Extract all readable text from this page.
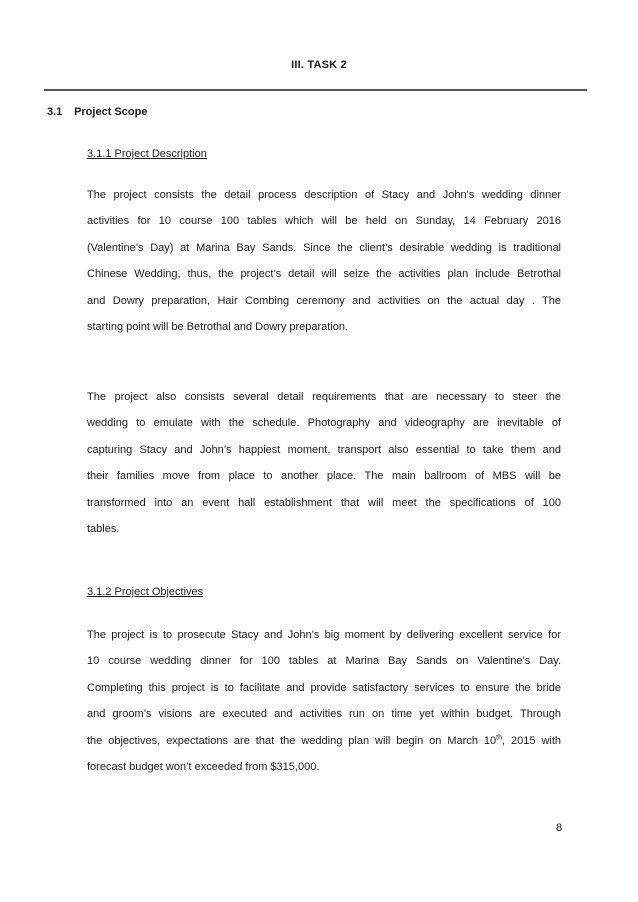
III. TASK 2
3.1 Project Scope
3.1.1 Project Description
The project consists the detail process description of Stacy and John’s wedding dinner
activities for 10 course 100 tables which will be held on Sunday, 14 February 2016
(Valentine’s Day) at Marina Bay Sands. Since the client’s desirable wedding is traditional
Chinese Wedding, thus, the project’s detail will seize the activities plan include Betrothal
and Dowry preparation, Hair Combing ceremony and activities on the actual day . The
starting point will be Betrothal and Dowry preparation.
The project also consists several detail requirements that are necessary to steer the
wedding to emulate with the schedule. Photography and videography are inevitable of
capturing Stacy and John’s happiest moment, transport also essential to take them and
their families move from place to another place. The main ballroom of MBS will be
transformed into an event hall establishment that will meet the specifications of 100
tables.
3.1.2 Project Objectives
The project is to prosecute Stacy and John’s big moment by delivering excellent service for
10 course wedding dinner for 100 tables at Marina Bay Sands on Valentine’s Day.
Completing this project is to facilitate and provide satisfactory services to ensure the bride
and groom’s visions are executed and activities run on time yet within budget. Through
the objectives, expectations are that the wedding plan will begin on March 10th, 2015 with
forecast budget won’t exceeded from $315,000.
8
